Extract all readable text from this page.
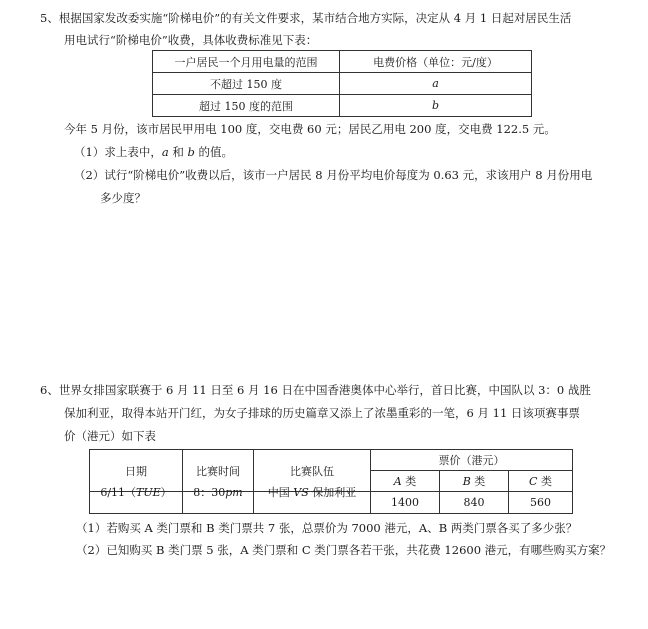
5、根据国家发改委实施“阶梯电价”的有关文件要求，某市结合地方实际，决定从 4 月 1 日起对居民生活
用电试行“阶梯电价”收费，具体收费标准见下表：
一户居民一个月用电量的范围	电费价格（单位：元/度）
不超过 150 度	a
超过 150 度的范围	b
今年 5 月份，该市居民甲用电 100 度，交电费 60 元；居民乙用电 200 度，交电费 122.5 元。
（1）求上表中，a 和 b 的值。
（2）试行“阶梯电价”收费以后，该市一户居民 8 月份平均电价每度为 0.63 元，求该用户 8 月份用电
多少度？
6、世界女排国家联赛于 6 月 11 日至 6 月 16 日在中国香港奥体中心举行，首日比赛，中国队以 3：0 战胜
保加利亚，取得本站开门红，为女子排球的历史篇章又添上了浓墨重彩的一笔，6 月 11 日该项赛事票
价（港元）如下表
日期	比赛时间	比赛队伍	票价（港元）		
			A 类	B 类	C 类
6/11（TUE）	8：30pm	中国 VS 保加利亚	1400	840	560
（1）若购买 A 类门票和 B 类门票共 7 张，总票价为 7000 港元，A、B 两类门票各买了多少张？
（2）已知购买 B 类门票 5 张，A 类门票和 C 类门票各若干张，共花费 12600 港元，有哪些购买方案？
